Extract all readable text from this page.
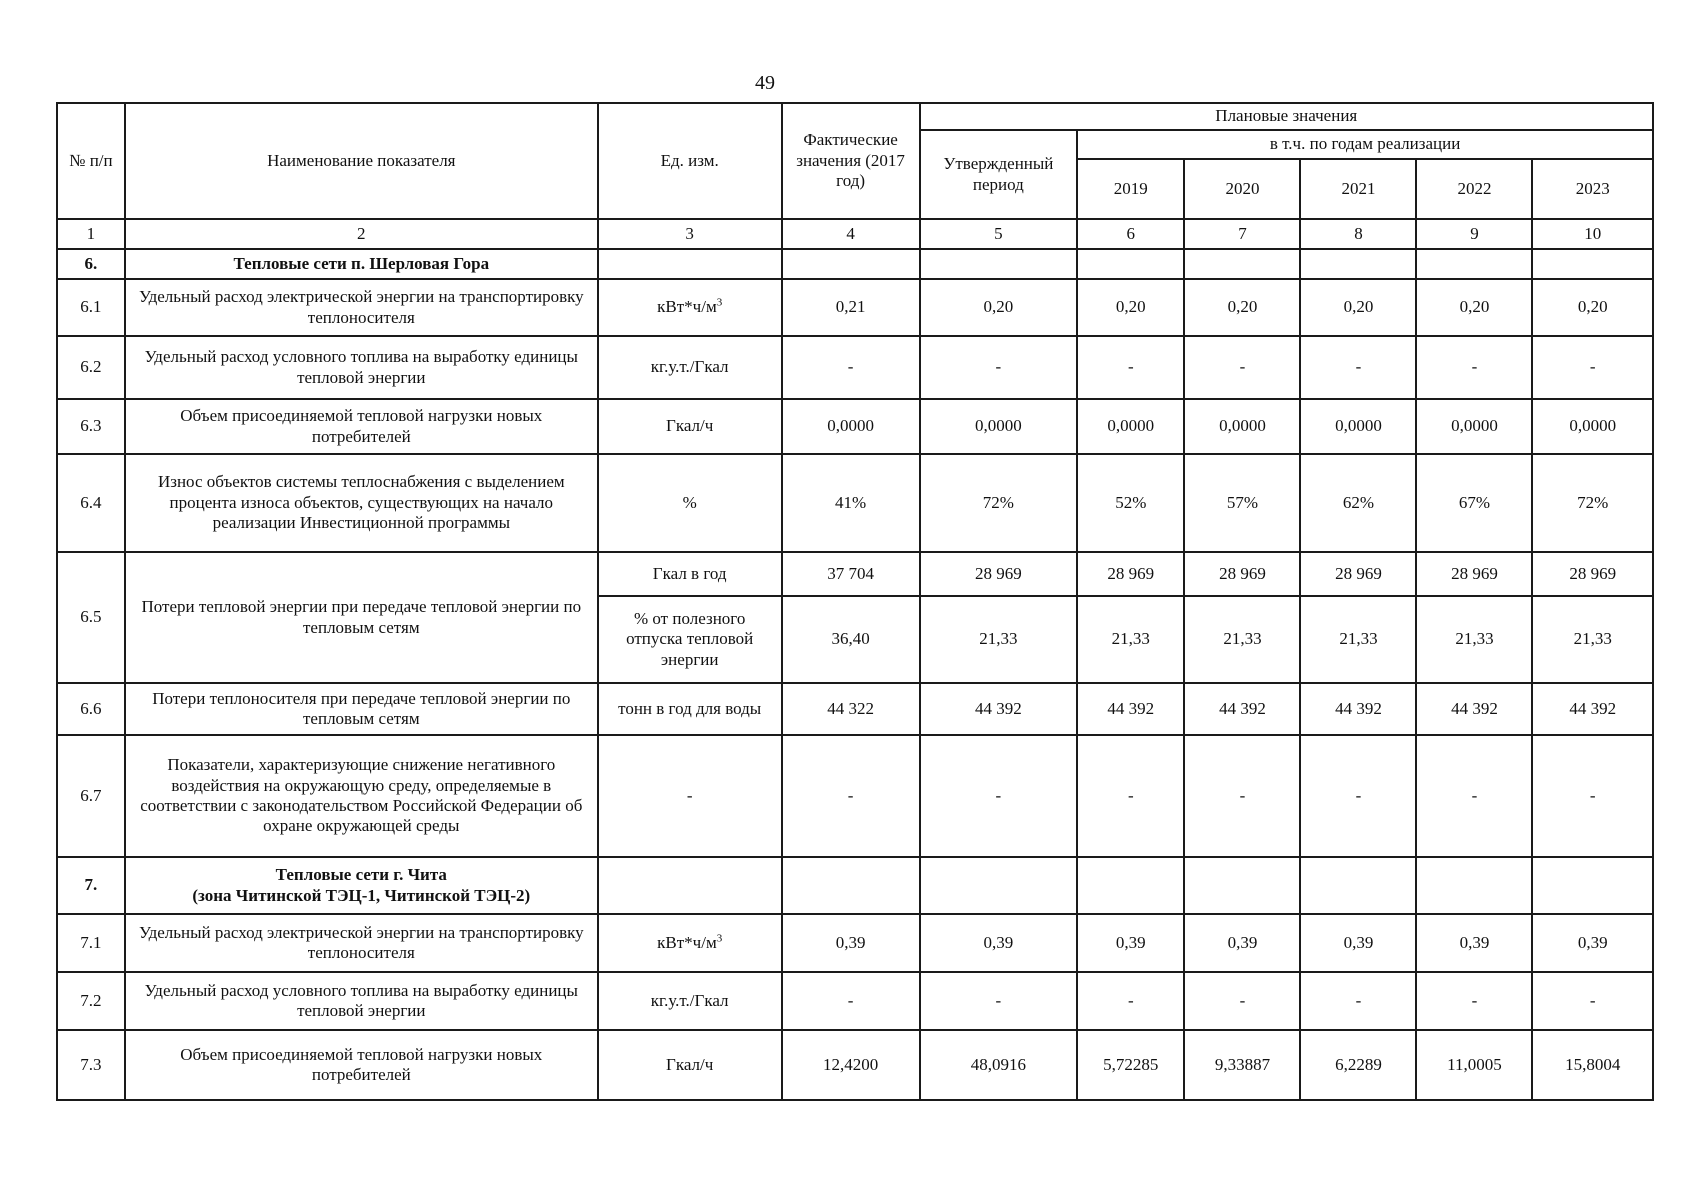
49
№ п/п	Наименование показателя	Ед. изм.	Фактические значения (2017 год)	Плановые значения					
				Утвержденный период	в т.ч. по годам реализации				
					2019	2020	2021	2022	2023
1	2	3	4	5	6	7	8	9	10
6.	Тепловые сети п. Шерловая Гора								
6.1	Удельный расход электрической энергии на транспортировку теплоносителя	$кВт*ч/м^3$	0,21	0,20	0,20	0,20	0,20	0,20	0,20
6.2	Удельный расход условного топлива на выработку единицы тепловой энергии	кг.у.т./Гкал	-	-	-	-	-	-	-
6.3	Объем присоединяемой тепловой нагрузки новых потребителей	Гкал/ч	0,0000	0,0000	0,0000	0,0000	0,0000	0,0000	0,0000
6.4	Износ объектов системы теплоснабжения с выделением процента износа объектов, существующих на начало реализации Инвестиционной программы	%	41%	72%	52%	57%	62%	67%	72%
6.5	Потери тепловой энергии при передаче тепловой энергии по тепловым сетям	Гкал в год	37 704	28 969	28 969	28 969	28 969	28 969	28 969
		% от полезного отпуска тепловой энергии	36,40	21,33	21,33	21,33	21,33	21,33	21,33
6.6	Потери теплоносителя при передаче тепловой энергии по тепловым сетям	тонн в год для воды	44 322	44 392	44 392	44 392	44 392	44 392	44 392
6.7	Показатели, характеризующие снижение негативного воздействия на окружающую среду, определяемые в соответствии с законодательством Российской Федерации об охране окружающей среды	-	-	-	-	-	-	-	-
7.	Тепловые сети г. Чита
(зона Читинской ТЭЦ-1, Читинской ТЭЦ-2)								

7.1	Удельный расход электрической энергии на транспортировку теплоносителя	$кВт*ч/м^3$	0,39	0,39	0,39	0,39	0,39	0,39	0,39
7.2	Удельный расход условного топлива на выработку единицы тепловой энергии	кг.у.т./Гкал	-	-	-	-	-	-	-
7.3	Объем присоединяемой тепловой нагрузки новых потребителей	Гкал/ч	12,4200	48,0916	5,72285	9,33887	6,2289	11,0005	15,8004
